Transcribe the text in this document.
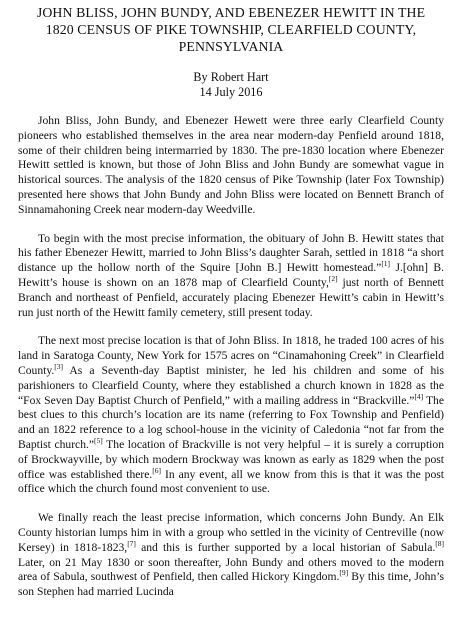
JOHN BLISS, JOHN BUNDY, AND EBENEZER HEWITT IN THE
1820 CENSUS OF PIKE TOWNSHIP, CLEARFIELD COUNTY,
PENNSYLVANIA
By Robert Hart
14 July 2016

John Bliss, John Bundy, and Ebenezer Hewett were three early Clearfield County pioneers who established themselves in the area near modern-day Penfield around 1818, some of their children being intermarried by 1830. The pre-1830 location where Ebenezer Hewitt settled is known, but those of John Bliss and John Bundy are somewhat vague in historical sources. The analysis of the 1820 census of Pike Township (later Fox Township) presented here shows that John Bundy and John Bliss were located on Bennett Branch of Sinnamahoning Creek near modern-day Weedville.

To begin with the most precise information, the obituary of John B. Hewitt states that his father Ebenezer Hewitt, married to John Bliss’s daughter Sarah, settled in 1818 “a short distance up the hollow north of the Squire [John B.] Hewitt homestead.”[1] J.[ohn] B. Hewitt’s house is shown on an 1878 map of Clearfield County,[2] just north of Bennett Branch and northeast of Penfield, accurately placing Ebenezer Hewitt’s cabin in Hewitt’s run just north of the Hewitt family cemetery, still present today.

The next most precise location is that of John Bliss. In 1818, he traded 100 acres of his land in Saratoga County, New York for 1575 acres on “Cinamahoning Creek” in Clearfield County.[3] As a Seventh-day Baptist minister, he led his children and some of his parishioners to Clearfield County, where they established a church known in 1828 as the “Fox Seven Day Baptist Church of Penfield,” with a mailing address in “Brackville.”[4] The best clues to this church’s location are its name (referring to Fox Township and Penfield) and an 1822 reference to a log school-house in the vicinity of Caledonia “not far from the Baptist church.”[5] The location of Brackville is not very helpful – it is surely a corruption of Brockwayville, by which modern Brockway was known as early as 1829 when the post office was established there.[6] In any event, all we know from this is that it was the post office which the church found most convenient to use.

We finally reach the least precise information, which concerns John Bundy. An Elk County historian lumps him in with a group who settled in the vicinity of Centreville (now Kersey) in 1818-1823,[7] and this is further supported by a local historian of Sabula.[8] Later, on 21 May 1830 or soon thereafter, John Bundy and others moved to the modern area of Sabula, southwest of Penfield, then called Hickory Kingdom.[9] By this time, John’s son Stephen had married Lucinda
